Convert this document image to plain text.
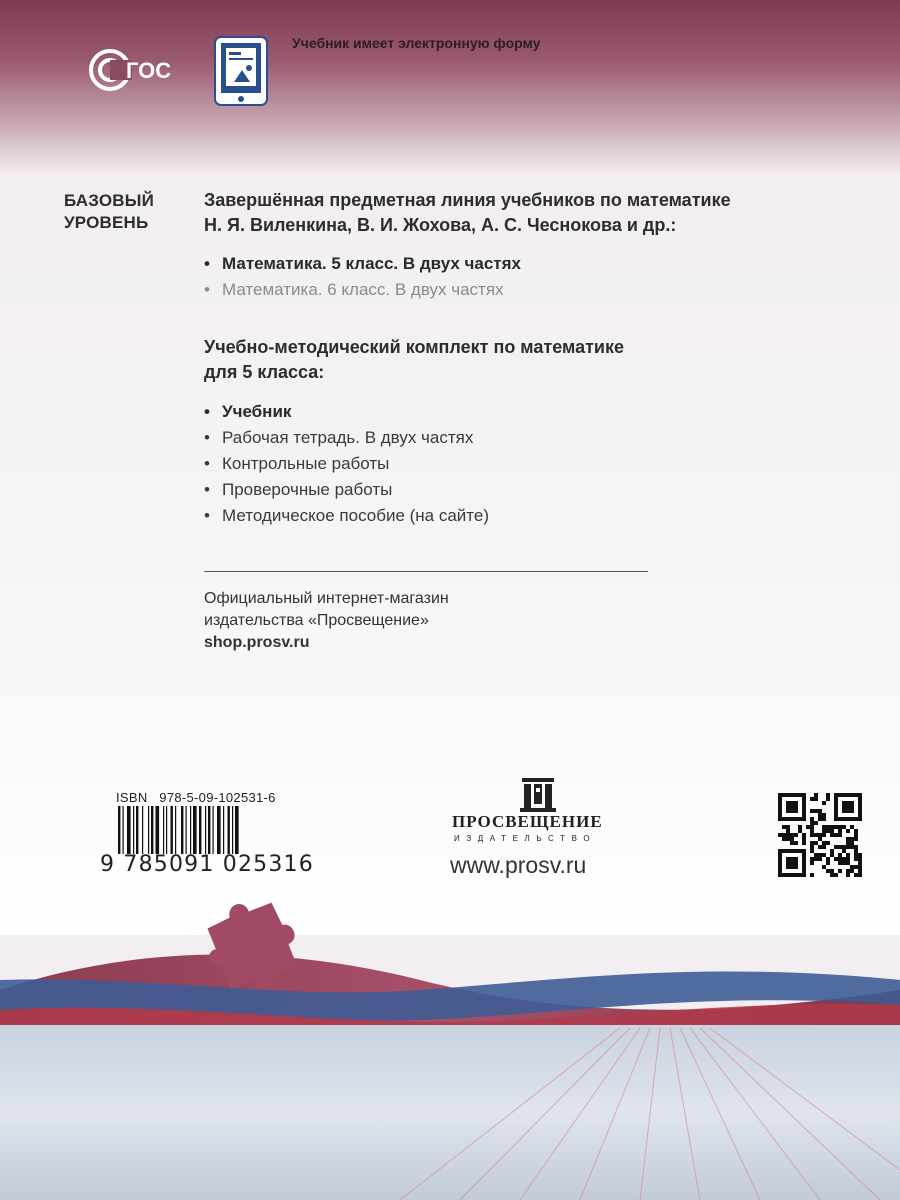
ГОС
Учебник имеет электронную форму
БАЗОВЫЙ
УРОВЕНЬ
Завершённая предметная линия учебников по математике
Н. Я. Виленкина, В. И. Жохова, А. С. Чеснокова и др.:
• Математика. 5 класс. В двух частях
• Математика. 6 класс. В двух частях
Учебно-методический комплект по математике
для 5 класса:
• Учебник
• Рабочая тетрадь. В двух частях
• Контрольные работы
• Проверочные работы
• Методическое пособие (на сайте)
Официальный интернет-магазин
издательства «Просвещение»
shop.prosv.ru
ISBN 978-5-09-102531-6
9 785091 025316
ПРОСВЕЩЕНИЕ
ИЗДАТЕЛЬСТВО
www.prosv.ru
